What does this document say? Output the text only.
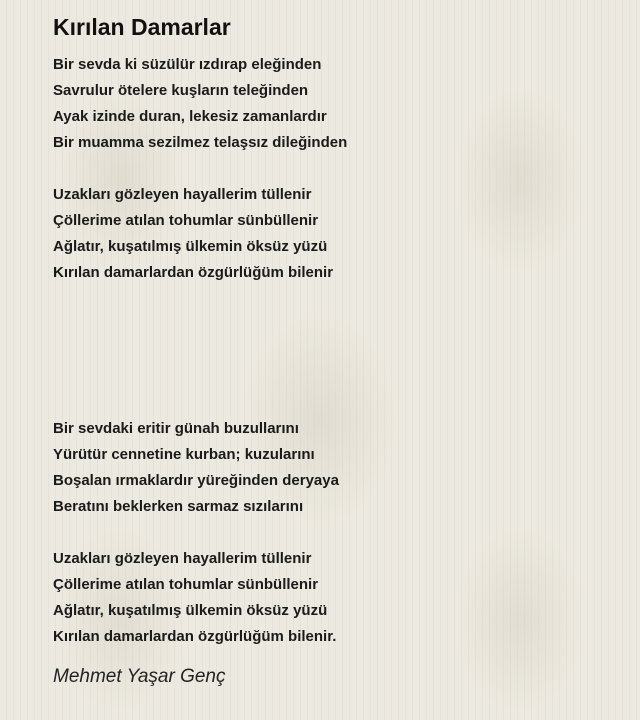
Kırılan Damarlar
Bir sevda ki süzülür ızdırap eleğinden
Savrulur ötelere kuşların teleğinden
Ayak izinde duran, lekesiz zamanlardır
Bir muamma sezilmez telaşsız dileğinden
Uzakları gözleyen hayallerim tüllenir
Çöllerime atılan tohumlar sünbüllenir
Ağlatır, kuşatılmış ülkemin öksüz yüzü
Kırılan damarlardan özgürlüğüm bilenir
Bir sevdaki eritir günah buzullarını
Yürütür cennetine kurban; kuzularını
Boşalan ırmaklardır yüreğinden deryaya
Beratını beklerken sarmaz sızılarını
Uzakları gözleyen hayallerim tüllenir
Çöllerime atılan tohumlar sünbüllenir
Ağlatır, kuşatılmış ülkemin öksüz yüzü
Kırılan damarlardan özgürlüğüm bilenir.
Mehmet Yaşar Genç
